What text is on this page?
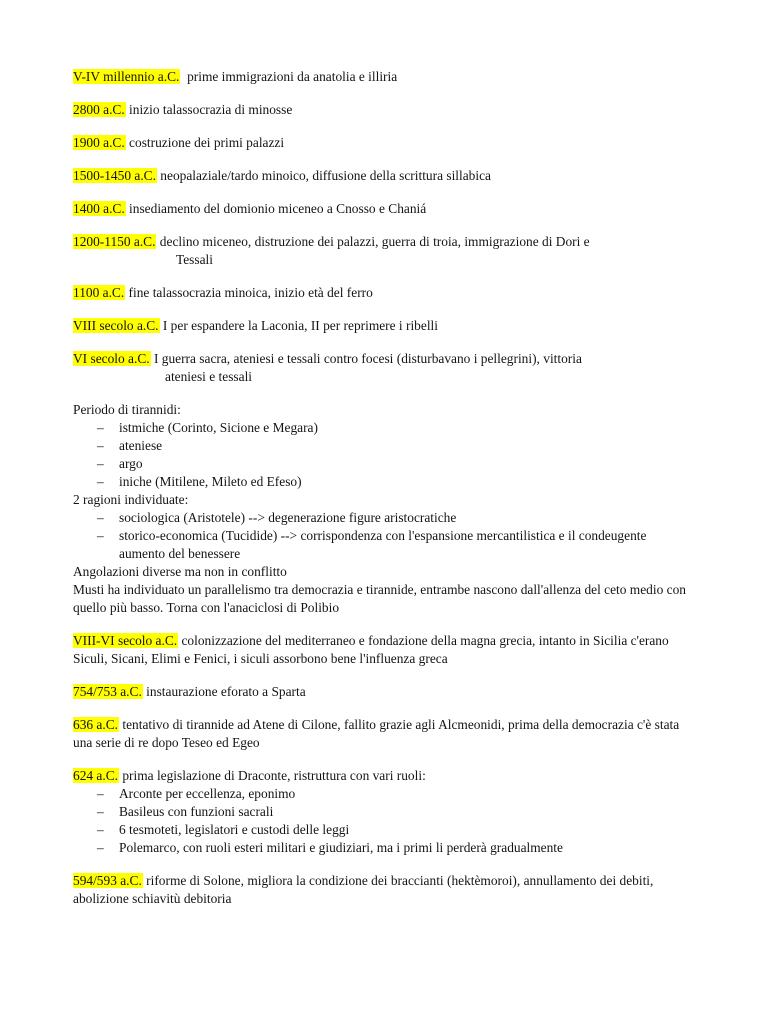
V-IV millennio a.C.  prime immigrazioni da anatolia e illiria

2800 a.C. inizio talassocrazia di minosse

1900 a.C. costruzione dei primi palazzi

1500-1450 a.C. neopalaziale/tardo minoico, diffusione della scrittura sillabica

1400 a.C. insediamento del domionio miceneo a Cnosso e Chaniá

1200-1150 a.C. declino miceneo, distruzione dei palazzi, guerra di troia, immigrazione di Dori e
Tessali

1100 a.C. fine talassocrazia minoica, inizio età del ferro

VIII secolo a.C. I per espandere la Laconia, II per reprimere i ribelli

VI secolo a.C. I guerra sacra, ateniesi e tessali contro focesi (disturbavano i pellegrini), vittoria
ateniesi e tessali

Periodo di tirannidi:

– istmiche (Corinto, Sicione e Megara)
– ateniese
– argo
– iniche (Mitilene, Mileto ed Efeso)

2 ragioni individuate:

– sociologica (Aristotele) --> degenerazione figure aristocratiche
– storico-economica (Tucidide) --> corrispondenza con l'espansione mercantilistica e il condeugente aumento del benessere

Angolazioni diverse ma non in conflitto

Musti ha individuato un parallelismo tra democrazia e tirannide, entrambe nascono dall'allenza del ceto medio con quello più basso. Torna con l'anaciclosi di Polibio

VIII-VI secolo a.C. colonizzazione del mediterraneo e fondazione della magna grecia, intanto in Sicilia c'erano Siculi, Sicani, Elimi e Fenici, i siculi assorbono bene l'influenza greca

754/753 a.C. instaurazione eforato a Sparta

636 a.C. tentativo di tirannide ad Atene di Cilone, fallito grazie agli Alcmeonidi, prima della democrazia c'è stata una serie di re dopo Teseo ed Egeo

624 a.C. prima legislazione di Draconte, ristruttura con vari ruoli:

– Arconte per eccellenza, eponimo
– Basileus con funzioni sacrali
– 6 tesmoteti, legislatori e custodi delle leggi
– Polemarco, con ruoli esteri militari e giudiziari, ma i primi li perderà gradualmente

594/593 a.C. riforme di Solone, migliora la condizione dei braccianti (hektèmoroi), annullamento dei debiti, abolizione schiavitù debitoria
